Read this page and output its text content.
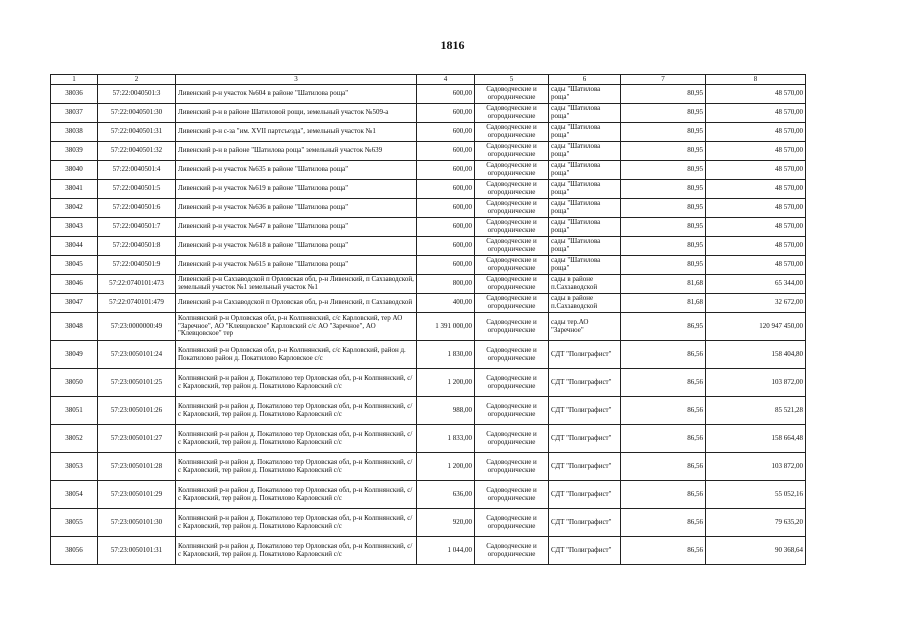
1816
1	2	3	4	5	6	7	8
38036	57:22:0040501:3	Ливенский р-н участок №604 в районе "Шатилова роща"	600,00	Садоводческие и огороднические	сады "Шатилова роща"	80,95	48 570,00
38037	57:22:0040501:30	Ливенский р-н в районе Шатиловой рощи, земельный участок №509-а	600,00	Садоводческие и огороднические	сады "Шатилова роща"	80,95	48 570,00
38038	57:22:0040501:31	Ливенский р-н с-за "им. XVII партсъезда", земельный участок №1	600,00	Садоводческие и огороднические	сады "Шатилова роща"	80,95	48 570,00
38039	57:22:0040501:32	Ливенский р-н в районе "Шатилова роща" земельный участок №639	600,00	Садоводческие и огороднические	сады "Шатилова роща"	80,95	48 570,00
38040	57:22:0040501:4	Ливенский р-н участок №635 в районе "Шатилова роща"	600,00	Садоводческие и огороднические	сады "Шатилова роща"	80,95	48 570,00
38041	57:22:0040501:5	Ливенский р-н участок №619 в районе "Шатилова роща"	600,00	Садоводческие и огороднические	сады "Шатилова роща"	80,95	48 570,00
38042	57:22:0040501:6	Ливенский р-н участок №636 в районе "Шатилова роща"	600,00	Садоводческие и огороднические	сады "Шатилова роща"	80,95	48 570,00
38043	57:22:0040501:7	Ливенский р-н участок №647 в районе "Шатилова роща"	600,00	Садоводческие и огороднические	сады "Шатилова роща"	80,95	48 570,00
38044	57:22:0040501:8	Ливенский р-н участок №618 в районе "Шатилова роща"	600,00	Садоводческие и огороднические	сады "Шатилова роща"	80,95	48 570,00
38045	57:22:0040501:9	Ливенский р-н участок №615 в районе "Шатилова роща"	600,00	Садоводческие и огороднические	сады "Шатилова роща"	80,95	48 570,00
38046	57:22:0740101:473	Ливенский р-н Сахзаводской п Орловская обл, р-н Ливенский, п Сахзаводской, земельный участок №1 земельный участок №1	800,00	Садоводческие и огороднические	сады в районе п.Сахзаводской	81,68	65 344,00
38047	57:22:0740101:479	Ливенский р-н Сахзаводской п Орловская обл, р-н Ливенский, п Сахзаводской	400,00	Садоводческие и огороднические	сады в районе п.Сахзаводской	81,68	32 672,00
38048	57:23:0000000:49	Колпнянский р-н Орловская обл, р-н Колпнянский, с/с Карловский, тер АО "Заречное", АО "Клевцовское" Карловский с/с АО "Заречное", АО "Клевцовское" тер	1 391 000,00	Садоводческие и огороднические	сады тер.АО "Заречное"	86,95	120 947 450,00
38049	57:23:0050101:24	Колпнянский р-н Орловская обл, р-н Колпнянский, с/с Карловский, район д. Покатилово район д. Покатилово Карловское с/с	1 830,00	Садоводческие и огороднические	СДТ "Полиграфист"	86,56	158 404,80
38050	57:23:0050101:25	Колпнянский р-н район д. Покатилово тер Орловская обл, р-н Колпнянский, с/с Карловский, тер район д. Покатилово Карловский с/с	1 200,00	Садоводческие и огороднические	СДТ "Полиграфист"	86,56	103 872,00
38051	57:23:0050101:26	Колпнянский р-н район д. Покатилово тер Орловская обл, р-н Колпнянский, с/с Карловский, тер район д. Покатилово Карловский с/с	988,00	Садоводческие и огороднические	СДТ "Полиграфист"	86,56	85 521,28
38052	57:23:0050101:27	Колпнянский р-н район д. Покатилово тер Орловская обл, р-н Колпнянский, с/с Карловский, тер район д. Покатилово Карловский с/с	1 833,00	Садоводческие и огороднические	СДТ "Полиграфист"	86,56	158 664,48
38053	57:23:0050101:28	Колпнянский р-н район д. Покатилово тер Орловская обл, р-н Колпнянский, с/с Карловский, тер район д. Покатилово Карловский с/с	1 200,00	Садоводческие и огороднические	СДТ "Полиграфист"	86,56	103 872,00
38054	57:23:0050101:29	Колпнянский р-н район д. Покатилово тер Орловская обл, р-н Колпнянский, с/с Карловский, тер район д. Покатилово Карловский с/с	636,00	Садоводческие и огороднические	СДТ "Полиграфист"	86,56	55 052,16
38055	57:23:0050101:30	Колпнянский р-н район д. Покатилово тер Орловская обл, р-н Колпнянский, с/с Карловский, тер район д. Покатилово Карловский с/с	920,00	Садоводческие и огороднические	СДТ "Полиграфист"	86,56	79 635,20
38056	57:23:0050101:31	Колпнянский р-н район д. Покатилово тер Орловская обл, р-н Колпнянский, с/с Карловский, тер район д. Покатилово Карловский с/с	1 044,00	Садоводческие и огороднические	СДТ "Полиграфист"	86,56	90 368,64
